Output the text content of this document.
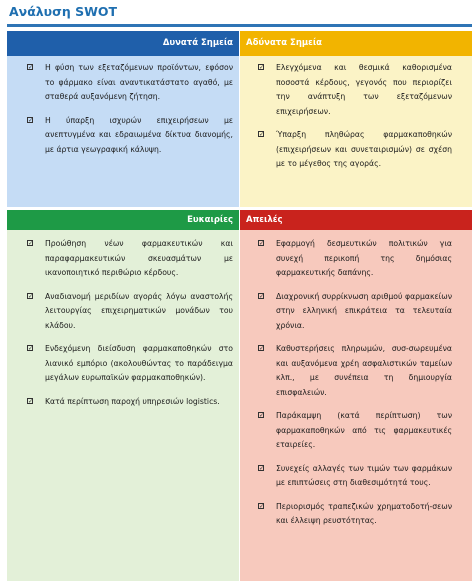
Ανάλυση SWOT
Δυνατά Σημεία
✓ Η φύση των εξεταζόμενων προϊόντων, εφόσον το φάρμακο είναι αναντικατάστατο αγαθό, με σταθερά αυξανόμενη ζήτηση.
✓ Η ύπαρξη ισχυρών επιχειρήσεων με ανεπτυγμένα και εδραιωμένα δίκτυα διανομής, με άρτια γεωγραφική κάλυψη.
Αδύνατα Σημεία
✓ Ελεγχόμενα και θεσμικά καθορισμένα ποσοστά κέρδους, γεγονός που περιορίζει την ανάπτυξη των εξεταζόμενων επιχειρήσεων.
✓ Ύπαρξη πληθώρας φαρμακαποθηκών (επιχειρήσεων και συνεταιρισμών) σε σχέση με το μέγεθος της αγοράς.
Ευκαιρίες
✓ Προώθηση νέων φαρμακευτικών και παραφαρμακευτικών σκευασμάτων με ικανοποιητικό περιθώριο κέρδους.
✓ Αναδιανομή μεριδίων αγοράς λόγω αναστολής λειτουργίας επιχειρηματικών μονάδων του κλάδου.
✓ Ενδεχόμενη διείσδυση φαρμακαποθηκών στο λιανικό εμπόριο (ακολουθώντας το παράδειγμα μεγάλων ευρωπαϊκών φαρμακαποθηκών).
✓ Κατά περίπτωση παροχή υπηρεσιών logistics.
Απειλές
✓ Εφαρμογή δεσμευτικών πολιτικών για συνεχή περικοπή της δημόσιας φαρμακευτικής δαπάνης.
✓ Διαχρονική συρρίκνωση αριθμού φαρμακείων στην ελληνική επικράτεια τα τελευταία χρόνια.
✓ Καθυστερήσεις πληρωμών, συσ-σωρευμένα και αυξανόμενα χρέη ασφαλιστικών ταμείων κλπ., με συνέπεια τη δημιουργία επισφαλειών.
✓ Παράκαμψη (κατά περίπτωση) των φαρμακαποθηκών από τις φαρμακευτικές εταιρείες.
✓ Συνεχείς αλλαγές των τιμών των φαρμάκων με επιπτώσεις στη διαθεσιμότητά τους.
✓ Περιορισμός τραπεζικών χρηματοδοτή-σεων και έλλειψη ρευστότητας.
